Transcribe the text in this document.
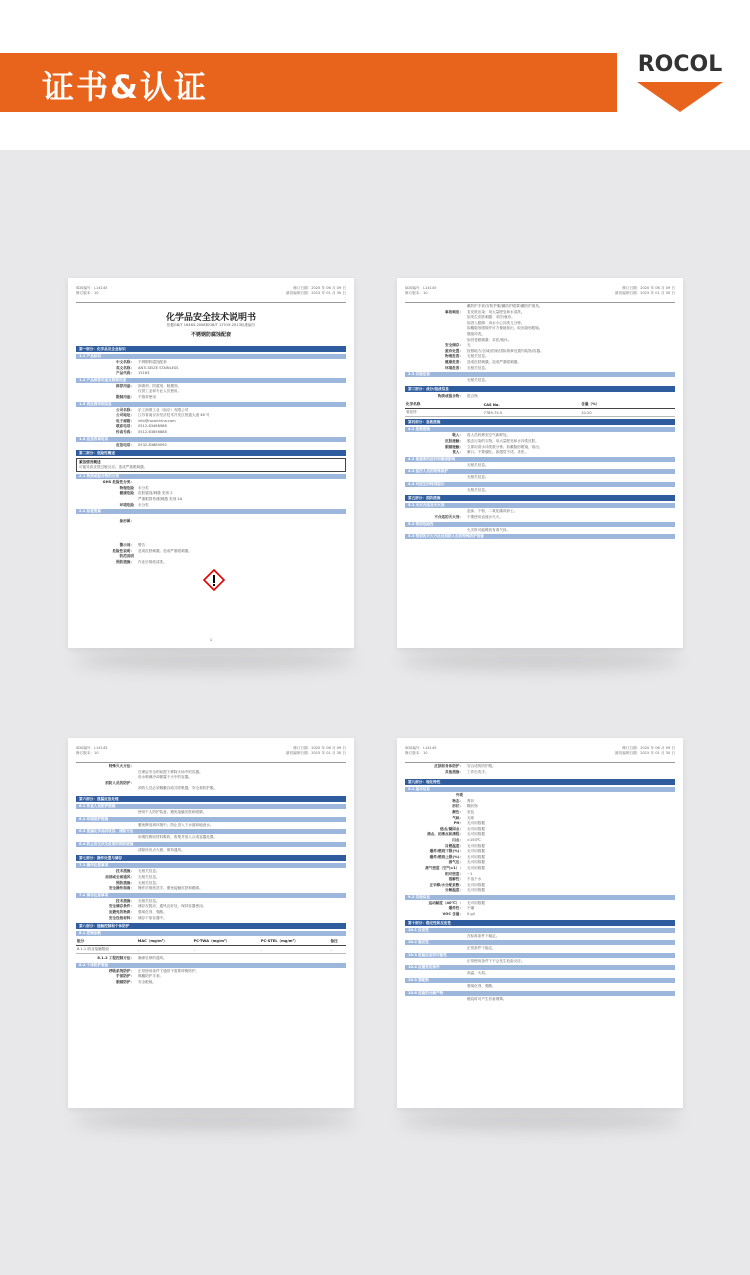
证书&认证
ROCOL
SDS编号：L14145
修订版本：10
修订日期：2020 年 06 月 09 日
最初编制日期：2015 年 01 月 30 日
化学品安全技术说明书
依据GB/T 16483-2008和GB/T 17519-2013标准编写
不锈钢防腐蚀配套
第一部分：化学品及企业标识
1.1 产品标识
中文名称：	不锈钢防腐蚀配套
英文名称：	ANTI-SEIZE STAINLESS
产品代码：	15163
1.2 产品推荐用途及限制用途
推荐用途：	润滑剂、防腐剂、脱模剂。
仅供工业和专业人员使用。
限制用途：	不推荐使用
1.3 供应商详细信息
公司名称：	乐工润滑工业（南京）有限公司
公司地址：	江苏省南京市经济技术开发区恒通大道 46 号
电子邮箱：	info@rocolchina.com
联系电话：	0512-63488988
传真号码：	0512-63856888
1.4 应急咨询电话
应急电话：	0532-83889090
第二部分：危险性概述
紧急情况概述
可能导致皮肤过敏反应。造成严重眼刺激。
2.1 物质或混合物的分类
GHS 危险性分类：
物理危险	未分类
健康危险	皮肤腐蚀/刺激 类别 2
严重眼损伤/眼刺激 类别 2A
环境危险	未分类
2.2 标签要素
象形图：
警示词：	警告
危险性说明：	造成皮肤刺激。造成严重眼刺激。
防范说明
预防措施：	作业后彻底清洗。
1
SDS编号：L14145
修订版本：10
修订日期：2020 年 06 月 09 日
最初编制日期：2015 年 01 月 30 日
戴防护手套/穿防护服/戴防护眼罩/戴防护面具。
事故响应：	若皮肤沾染：用大量肥皂和水清洗。
如发生皮肤刺激：求医/就诊。
如进入眼睛：用水小心冲洗几分钟。
如戴隐形眼镜并可方便地取出，取出隐形眼镜。
继续冲洗。
如仍觉眼刺激：求医/就诊。
安全储存：	无
废弃处置：	按照地方/区域/国家/国际规章处置内装物/容器。
物理危害：	无相关信息。
健康危害：	造成皮肤刺激。造成严重眼刺激。
环境危害：	无相关信息。
2.3 其他危害
无相关信息。
第三部分：成分/组成信息
物质或混合物：	混合物
化学名称	CAS No.	含量（%）
氧化锌	7789-75-5	10-20
第四部分：急救措施
4.1 急救措施
吸入：	将人员转移至空气新鲜处。
皮肤接触：	脱去污染的衣物。用大量肥皂和水冲洗皮肤。
眼睛接触：	立即用清水冲洗数分钟。如戴隐形眼镜，取出。
食入：	漱口。不要催吐。如感觉不适，求医。
4.2 最重要的症状和健康影响
无相关信息。
4.3 医疗人员的特殊保护
无相关信息。
4.4 对医生的特别提示
无相关信息。
第五部分：消防措施
5.1 灭火方法及灭火剂
泡沫、干粉、二氧化碳或砂土。
不合适的灭火剂：	不要使用直流水灭火。
5.2 特别危险性
火灾时可能释放有毒气体。
5.3 特别的灭火方法及消防人员的特殊防护装备
SDS编号：L14145
修订版本：10
修订日期：2020 年 06 月 09 日
最初编制日期：2015 年 01 月 30 日
特殊灭火方法：
在保证安全的前提下移除火场中的容器。
用水喷淋冷却暴露于火中的容器。
消防人员的防护：
消防人员必须佩戴自给式呼吸器，穿全套防护服。
第六部分：泄漏应急处理
6.1 作业人员防护措施
使用个人防护装备。避免接触皮肤和眼睛。
6.2 环境保护措施
避免释放到环境中。防止进入下水道和地表水。
6.3 泄漏化学品的收容、清除方法
用惰性吸收材料吸收，收集并放入合适容器处置。
6.4 防止发生次生危害的预防措施
清除所有点火源，保持通风。
第七部分：操作处置与储存
7.1 操作注意事项
技术措施：	无相关信息。
局部或全面通风：	无相关信息。
预防措施：	无相关信息。
安全操作指南：	操作后彻底洗手。避免接触皮肤和眼睛。
7.2 储存注意事项
技术措施：	无相关信息。
安全储存条件：	储存在阴凉、通风良好处，保持容器密闭。
应避免的物质：	强氧化剂、强酸。
安全包装材料：	储存于原容器中。
第八部分：接触控制和个体防护
8.1 控制参数
组分	MAC（mg/m³）	PC-TWA（mg/m³）	PC-STEL（mg/m³）	备注
8.1.1 职业接触限值	-	-	-	-
8.1.2 工程控制方法：	确保足够的通风。
8.2 个体防护装备
呼吸系统防护：	正常使用条件下通常不需要呼吸防护。
手部防护：	佩戴防护手套。
眼睛防护：	安全眼镜。
SDS编号：L14145
修订版本：10
修订日期：2020 年 06 月 09 日
最初编制日期：2015 年 01 月 30 日
皮肤和身体防护：	穿合适的防护服。
其他措施：	工作后洗手。
第九部分：理化特性
9.1 基本信息
外观
物态：	膏状
形状：	糊状物
颜色：	灰色
气味：	无味
PH：	无可用数据
熔点/凝固点：	无可用数据
沸点、初沸点和沸程：	无可用数据
闪点：	>150℃
自燃温度：	无可用数据
爆炸/燃烧下限(%)：	无可用数据
爆炸/燃烧上限(%)：	无可用数据
蒸气压：	无可用数据
蒸气密度（空气=1）：	无可用数据
相对密度：	~1
溶解性：	不溶于水
正辛醇/水分配系数：	无可用数据
分解温度：	无可用数据
9.2 其他信息
运动黏度（40℃）：	无可用数据
爆炸性：	不爆
VOC 含量：	0 g/l
第十部分：稳定性和反应性
10.1 反应性
在标准条件下稳定。
10.2 稳定性
正常条件下稳定。
10.3 危险反应的可能性
正常使用条件下不会发生危险反应。
10.4 应避免的条件
高温、火焰。
10.5 禁配物
强氧化剂、强酸。
10.6 危险的分解产物
燃烧时可产生有害烟雾。
